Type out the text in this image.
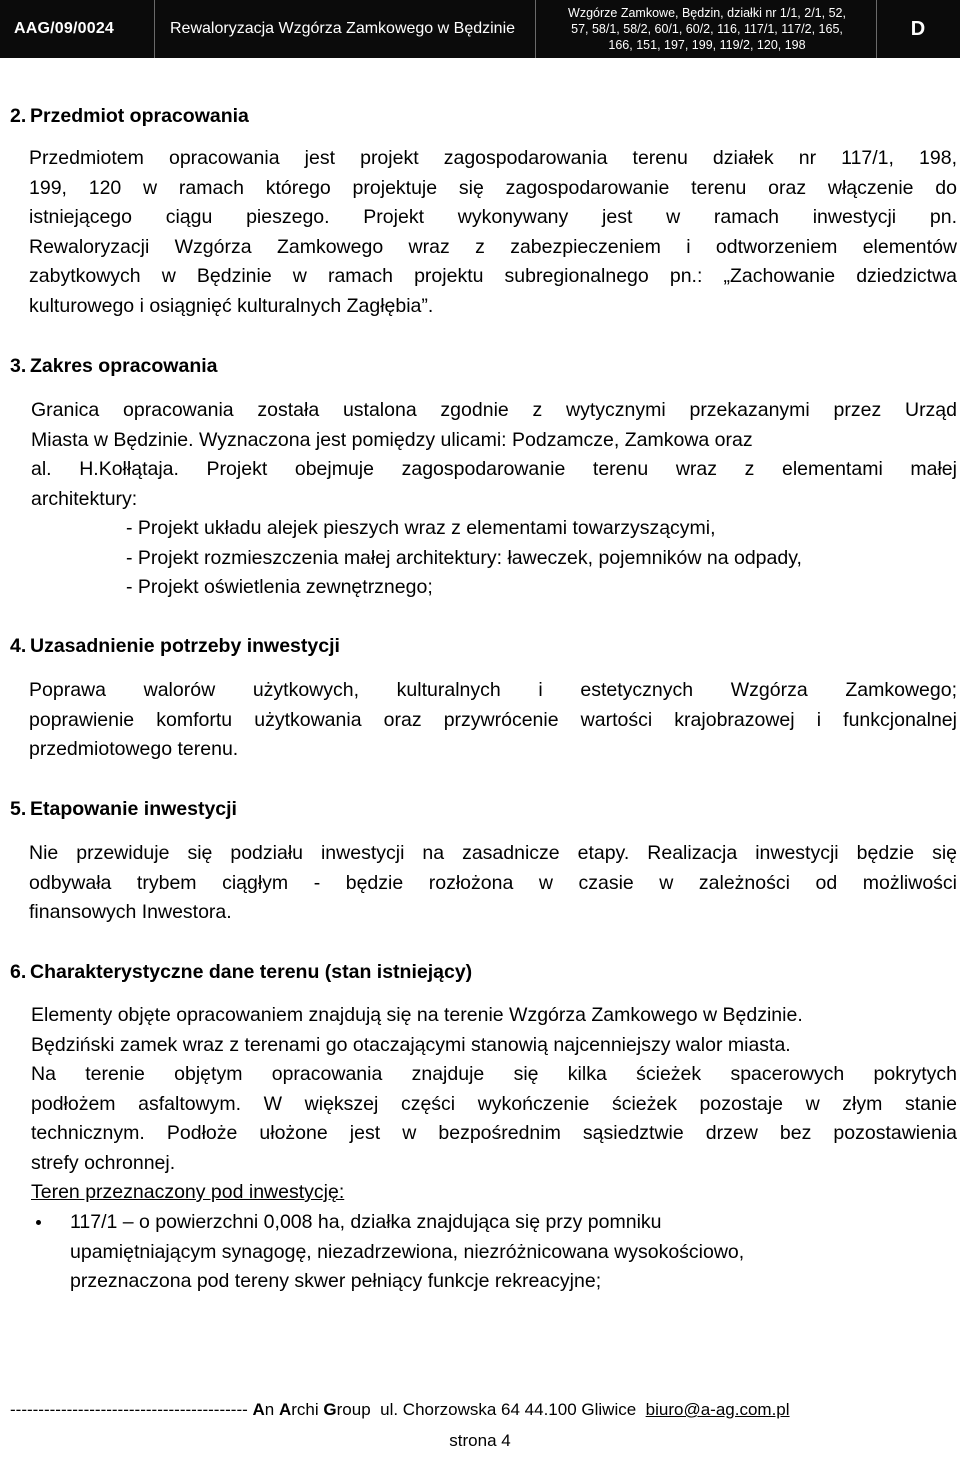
AAG/09/0024	Rewaloryzacja Wzgórza Zamkowego w Będzinie
Wzgórze Zamkowe, Będzin, działki nr 1/1, 2/1, 52,
57, 58/1, 58/2, 60/1, 60/2, 116, 117/1, 117/2, 165,
166, 151, 197, 199, 119/2, 120, 198
D
2. Przedmiot opracowania
Przedmiotem opracowania jest projekt zagospodarowania terenu działek nr 117/1, 198,
199, 120 w ramach którego projektuje się zagospodarowanie terenu oraz włączenie do
istniejącego ciągu pieszego. Projekt wykonywany jest w ramach inwestycji pn.
Rewaloryzacji Wzgórza Zamkowego wraz z zabezpieczeniem i odtworzeniem elementów
zabytkowych w Będzinie w ramach projektu subregionalnego pn.: „Zachowanie dziedzictwa
kulturowego i osiągnięć kulturalnych Zagłębia”.
3. Zakres opracowania
Granica opracowania została ustalona zgodnie z wytycznymi przekazanymi przez Urząd
Miasta w Będzinie. Wyznaczona jest pomiędzy ulicami: Podzamcze, Zamkowa oraz
al. H.Kołłątaja. Projekt obejmuje zagospodarowanie terenu wraz z elementami małej
architektury:
- Projekt układu alejek pieszych wraz z elementami towarzyszącymi,
- Projekt rozmieszczenia małej architektury: ławeczek, pojemników na odpady,
- Projekt oświetlenia zewnętrznego;
4. Uzasadnienie potrzeby inwestycji
Poprawa walorów użytkowych, kulturalnych i estetycznych Wzgórza Zamkowego;
poprawienie komfortu użytkowania oraz przywrócenie wartości krajobrazowej i funkcjonalnej
przedmiotowego terenu.
5. Etapowanie inwestycji
Nie przewiduje się podziału inwestycji na zasadnicze etapy. Realizacja inwestycji będzie się
odbywała trybem ciągłym - będzie rozłożona w czasie w zależności od możliwości
finansowych Inwestora.
6. Charakterystyczne dane terenu (stan istniejący)
Elementy objęte opracowaniem znajdują się na terenie Wzgórza Zamkowego w Będzinie.
Będziński zamek wraz z terenami go otaczającymi stanowią najcenniejszy walor miasta.
Na terenie objętym opracowania znajduje się kilka ścieżek spacerowych pokrytych
podłożem asfaltowym. W większej części wykończenie ścieżek pozostaje w złym stanie
technicznym. Podłoże ułożone jest w bezpośrednim sąsiedztwie drzew bez pozostawienia
strefy ochronnej.
Teren przeznaczony pod inwestycję:
117/1 – o powierzchni 0,008 ha, działka znajdująca się przy pomniku
upamiętniającym synagogę, niezadrzewiona, niezróżnicowana wysokościowo,
przeznaczona pod tereny skwer pełniący funkcje rekreacyjne;
------------------------------------------ An Archi Group ul. Chorzowska 64 44.100 Gliwice biuro@a-ag.com.pl
strona 4
